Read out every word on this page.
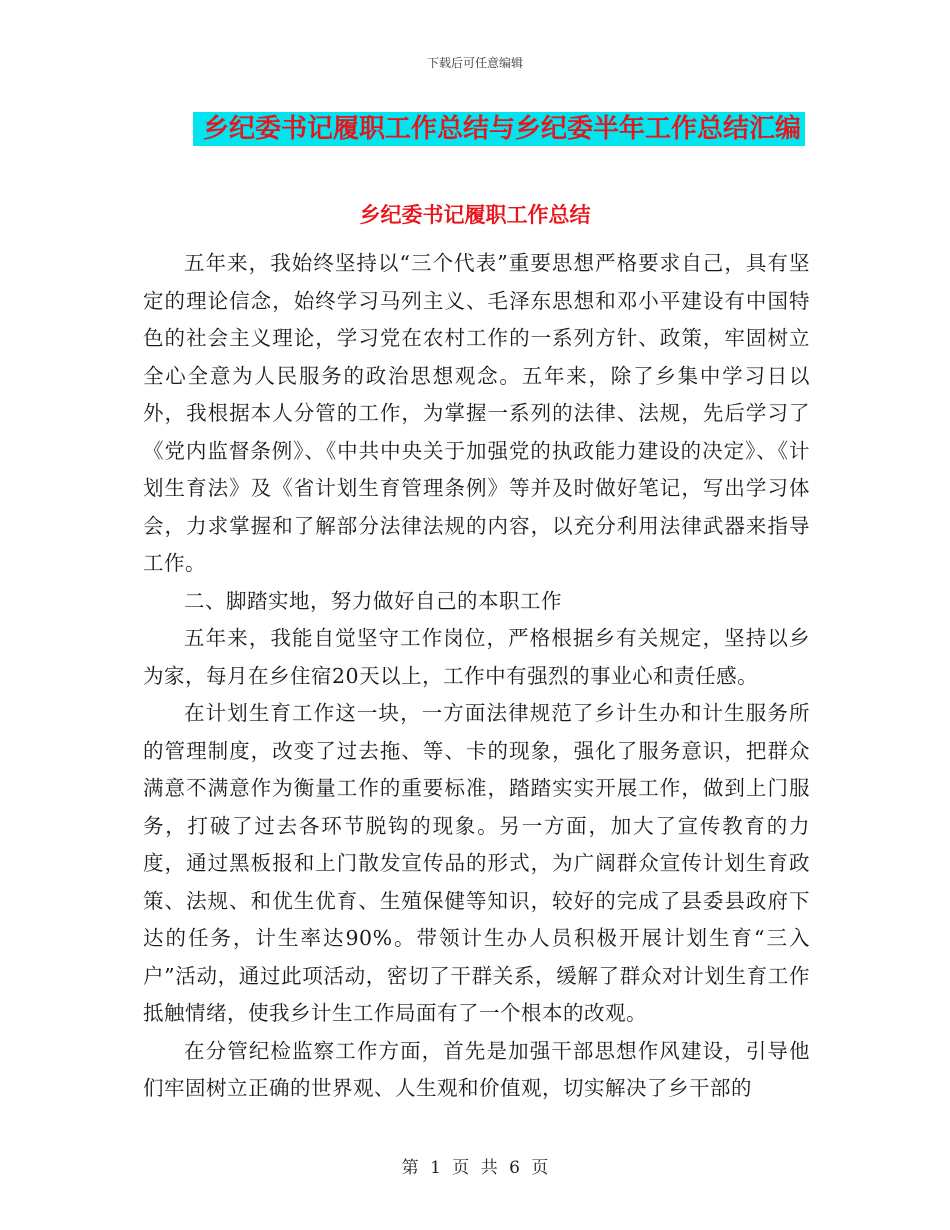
下载后可任意编辑
乡纪委书记履职工作总结与乡纪委半年工作总结汇编
乡纪委书记履职工作总结

五年来，我始终坚持以“三个代表”重要思想严格要求自己，具有坚定的理论信念，始终学习马列主义、毛泽东思想和邓小平建设有中国特色的社会主义理论，学习党在农村工作的一系列方针、政策，牢固树立全心全意为人民服务的政治思想观念。五年来，除了乡集中学习日以外，我根据本人分管的工作，为掌握一系列的法律、法规，先后学习了《党内监督条例》、《中共中央关于加强党的执政能力建设的决定》、《计划生育法》及《省计划生育管理条例》等并及时做好笔记，写出学习体会，力求掌握和了解部分法律法规的内容，以充分利用法律武器来指导工作。

二、脚踏实地，努力做好自己的本职工作

五年来，我能自觉坚守工作岗位，严格根据乡有关规定，坚持以乡为家，每月在乡住宿20天以上，工作中有强烈的事业心和责任感。

在计划生育工作这一块，一方面法律规范了乡计生办和计生服务所的管理制度，改变了过去拖、等、卡的现象，强化了服务意识，把群众满意不满意作为衡量工作的重要标准，踏踏实实开展工作，做到上门服务，打破了过去各环节脱钩的现象。另一方面，加大了宣传教育的力度，通过黑板报和上门散发宣传品的形式，为广阔群众宣传计划生育政策、法规、和优生优育、生殖保健等知识，较好的完成了县委县政府下达的任务，计生率达90%。带领计生办人员积极开展计划生育“三入户”活动，通过此项活动，密切了干群关系，缓解了群众对计划生育工作抵触情绪，使我乡计生工作局面有了一个根本的改观。

在分管纪检监察工作方面，首先是加强干部思想作风建设，引导他们牢固树立正确的世界观、人生观和价值观，切实解决了乡干部的

第 1 页 共 6 页
